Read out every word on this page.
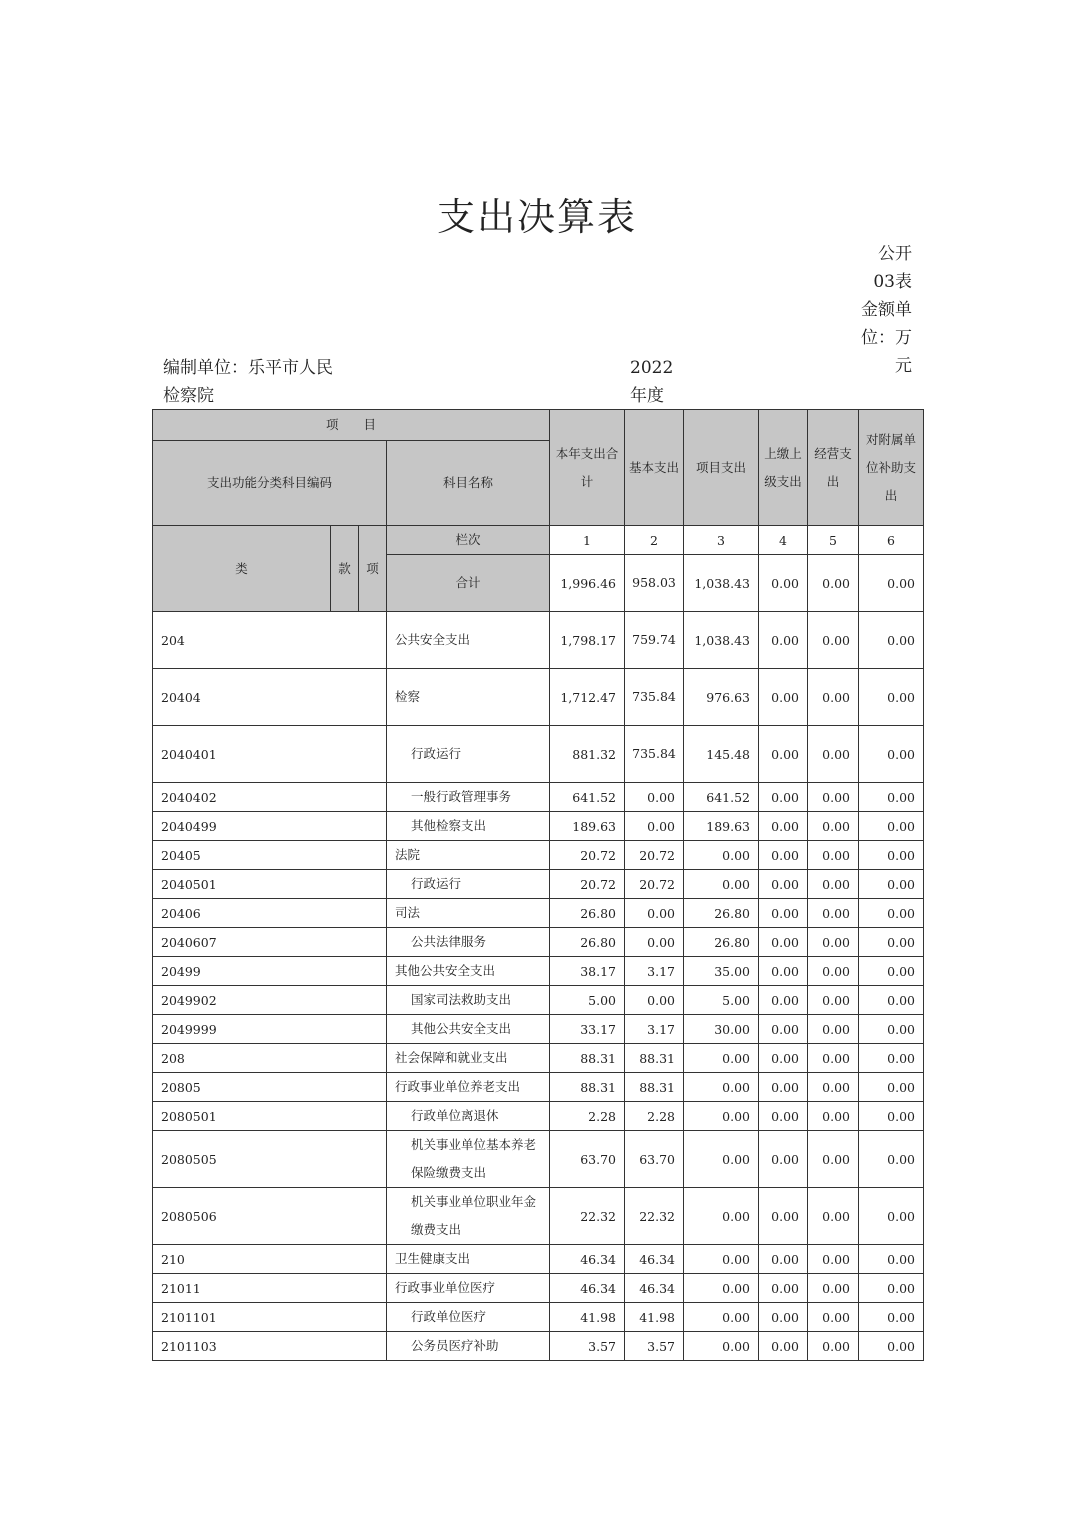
支出决算表
公开03表
金额单位：万元
编制单位：乐平市人民检察院
2022年度
项　　目				本年支出合计	基本支出	项目支出	上缴上级支出	经营支出	对附属单位补助支出
支出功能分类科目编码			科目名称						
类	款	项	栏次	1	2	3	4	5	6
			合计	1,996.46	958.03	1,038.43	0.00	0.00	0.00
204			公共安全支出	1,798.17	759.74	1,038.43	0.00	0.00	0.00
20404			检察	1,712.47	735.84	976.63	0.00	0.00	0.00
2040401			行政运行	881.32	735.84	145.48	0.00	0.00	0.00
2040402			一般行政管理事务	641.52	0.00	641.52	0.00	0.00	0.00
2040499			其他检察支出	189.63	0.00	189.63	0.00	0.00	0.00
20405			法院	20.72	20.72	0.00	0.00	0.00	0.00
2040501			行政运行	20.72	20.72	0.00	0.00	0.00	0.00
20406			司法	26.80	0.00	26.80	0.00	0.00	0.00
2040607			公共法律服务	26.80	0.00	26.80	0.00	0.00	0.00
20499			其他公共安全支出	38.17	3.17	35.00	0.00	0.00	0.00
2049902			国家司法救助支出	5.00	0.00	5.00	0.00	0.00	0.00
2049999			其他公共安全支出	33.17	3.17	30.00	0.00	0.00	0.00
208			社会保障和就业支出	88.31	88.31	0.00	0.00	0.00	0.00
20805			行政事业单位养老支出	88.31	88.31	0.00	0.00	0.00	0.00
2080501			行政单位离退休	2.28	2.28	0.00	0.00	0.00	0.00
2080505			机关事业单位基本养老保险缴费支出	63.70	63.70	0.00	0.00	0.00	0.00
2080506			机关事业单位职业年金缴费支出	22.32	22.32	0.00	0.00	0.00	0.00
210			卫生健康支出	46.34	46.34	0.00	0.00	0.00	0.00
21011			行政事业单位医疗	46.34	46.34	0.00	0.00	0.00	0.00
2101101			行政单位医疗	41.98	41.98	0.00	0.00	0.00	0.00
2101103			公务员医疗补助	3.57	3.57	0.00	0.00	0.00	0.00
